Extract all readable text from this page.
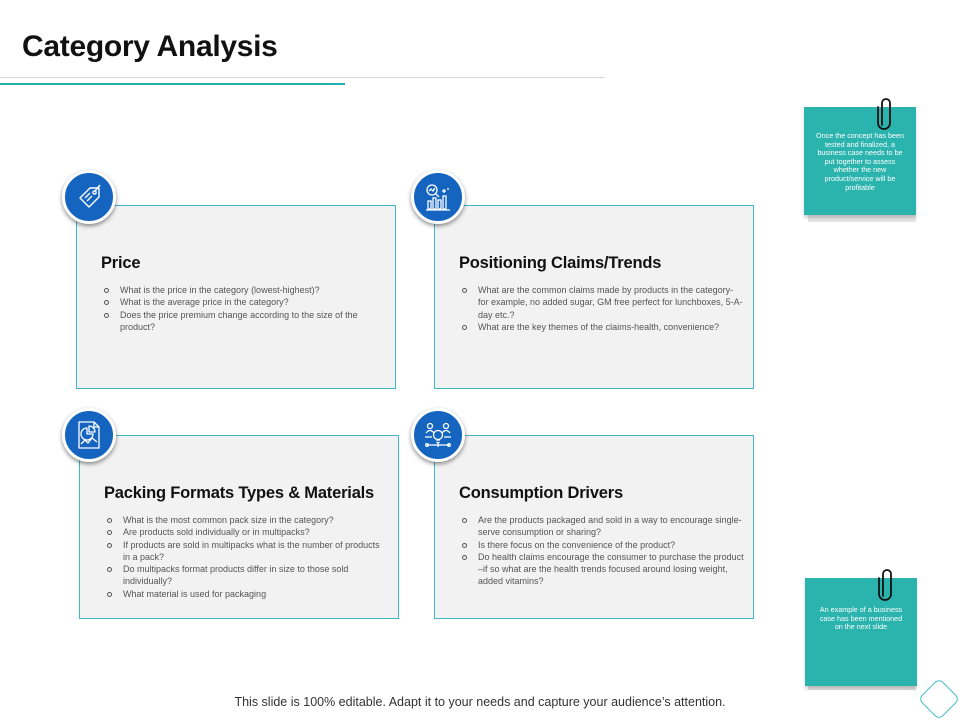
Category Analysis
Price
What is the price in the category (lowest-highest)?
What is the average price in the category?
Does the price premium change according to the size of the product?
Positioning Claims/Trends
What are the common claims made by products in the category- for example, no added sugar, GM free perfect for lunchboxes, 5-A-day etc.?
What are the key themes of the claims-health, convenience?
Packing Formats Types & Materials
What is the most common pack size in the category?
Are products sold individually or in multipacks?
If products are sold in multipacks what is the number of products in a pack?
Do multipacks format products differ in size to those sold individually?
What material is used for packaging
Consumption Drivers
Are the products packaged and sold in a way to encourage single- serve consumption or sharing?
Is there focus on the convenience of the product?
Do health claims encourage the consumer to purchase the product –if so what are the health trends focused around losing weight, added vitamins?
Once the concept has been tested and finalized, a business case needs to be put together to assess whether the new product/service will be profitable
An example of a business case has been mentioned on the next slide
This slide is 100% editable. Adapt it to your needs and capture your audience’s attention.
